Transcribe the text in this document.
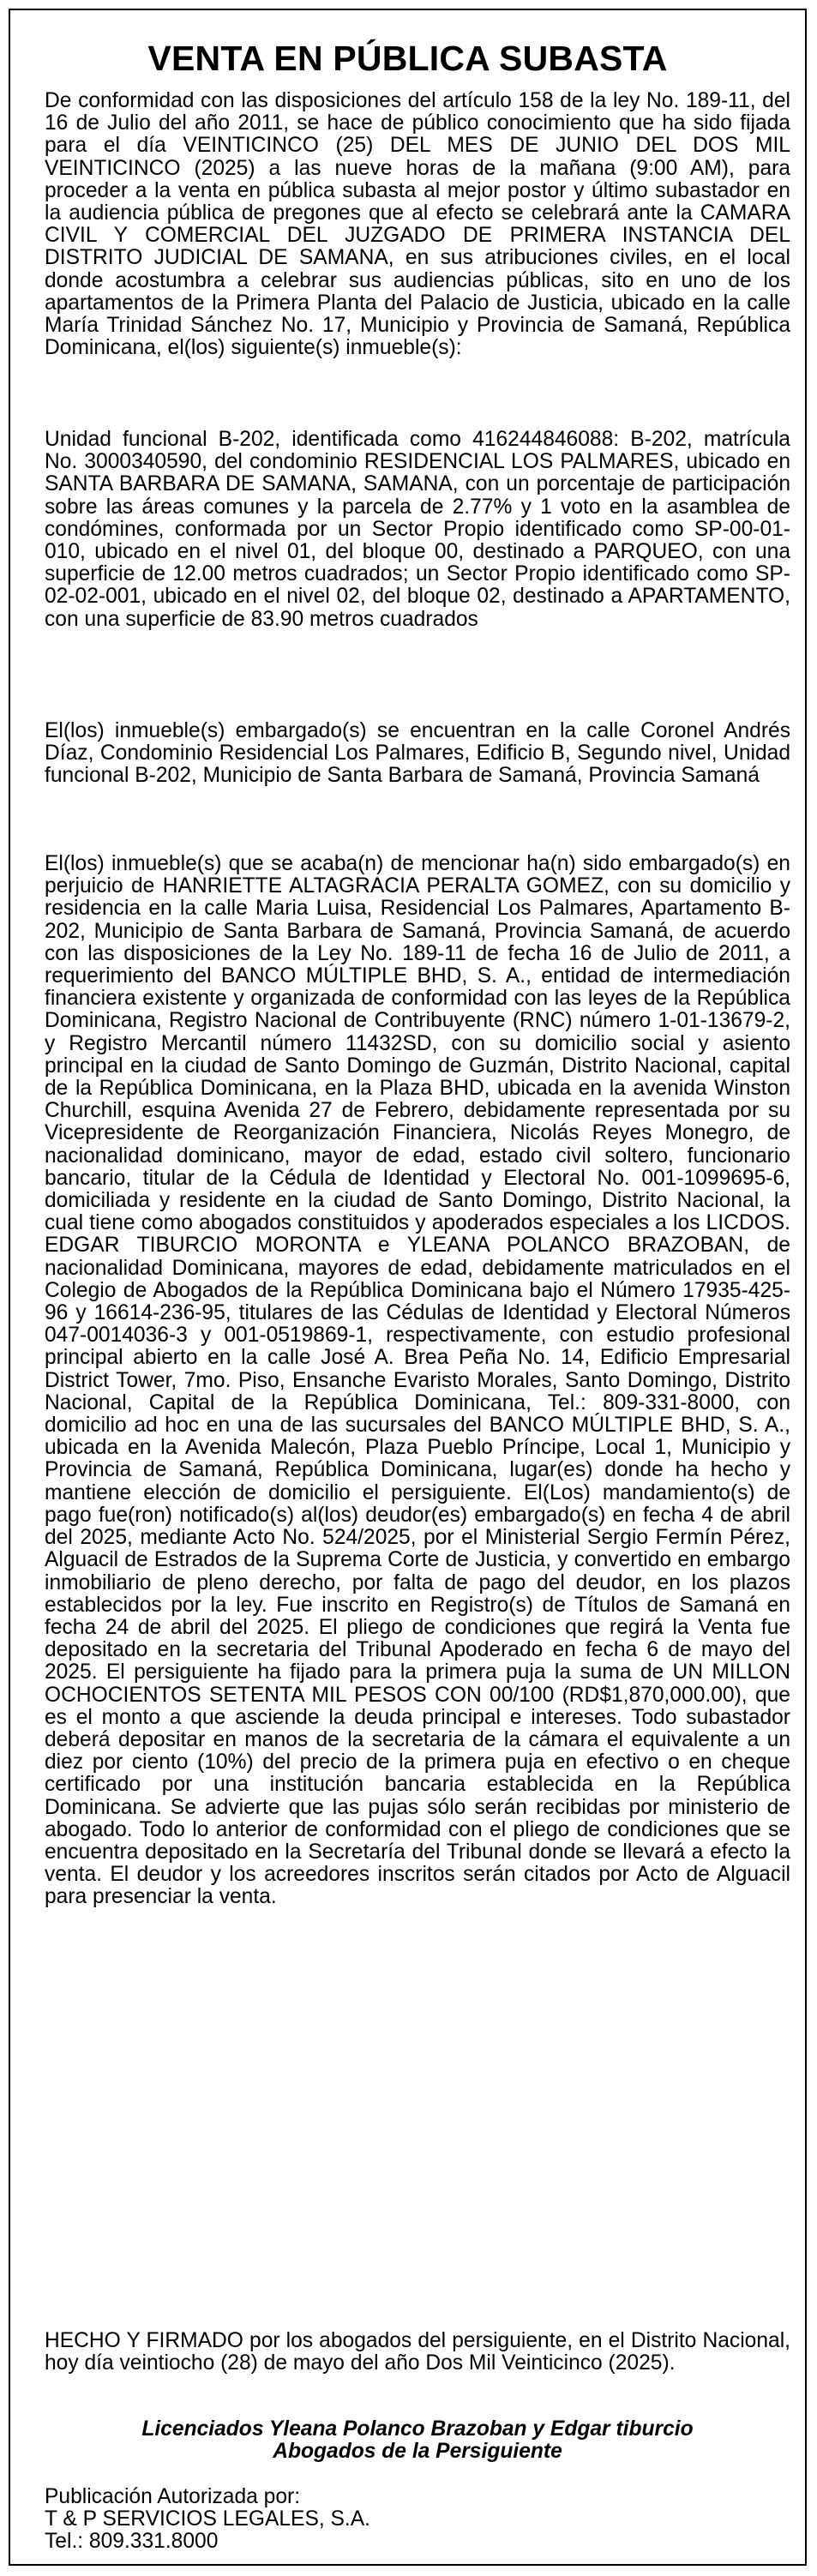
VENTA EN PÚBLICA SUBASTA

De conformidad con las disposiciones del artículo 158 de la ley No. 189-11, del 16 de Julio del año 2011, se hace de público conocimiento que ha sido fijada para el día VEINTICINCO (25) DEL MES DE JUNIO DEL DOS MIL VEINTICINCO (2025) a las nueve horas de la mañana (9:00 AM), para proceder a la venta en pública subasta al mejor postor y último subastador en la audiencia pública de pregones que al efecto se celebrará ante la CAMARA CIVIL Y COMERCIAL DEL JUZGADO DE PRIMERA INSTANCIA DEL DISTRITO JUDICIAL DE SAMANA, en sus atribuciones civiles, en el local donde acostumbra a celebrar sus audiencias públicas, sito en uno de los apartamentos de la Primera Planta del Palacio de Justicia, ubicado en la calle María Trinidad Sánchez No. 17, Municipio y Provincia de Samaná, República Dominicana, el(los) siguiente(s) inmueble(s):

Unidad funcional B-202, identificada como 416244846088: B-202, matrícula No. 3000340590, del condominio RESIDENCIAL LOS PALMARES, ubicado en SANTA BARBARA DE SAMANA, SAMANA, con un porcentaje de participación sobre las áreas comunes y la parcela de 2.77% y 1 voto en la asamblea de condómines, conformada por un Sector Propio identificado como SP-00-01-010, ubicado en el nivel 01, del bloque 00, destinado a PARQUEO, con una superficie de 12.00 metros cuadrados; un Sector Propio identificado como SP-02-02-001, ubicado en el nivel 02, del bloque 02, destinado a APARTAMENTO, con una superficie de 83.90 metros cuadrados

El(los) inmueble(s) embargado(s) se encuentran en la calle Coronel Andrés Díaz, Condominio Residencial Los Palmares, Edificio B, Segundo nivel, Unidad funcional B-202, Municipio de Santa Barbara de Samaná, Provincia Samaná

El(los) inmueble(s) que se acaba(n) de mencionar ha(n) sido embargado(s) en perjuicio de HANRIETTE ALTAGRACIA PERALTA GOMEZ, con su domicilio y residencia en la calle Maria Luisa, Residencial Los Palmares, Apartamento B-202, Municipio de Santa Barbara de Samaná, Provincia Samaná, de acuerdo con las disposiciones de la Ley No. 189-11 de fecha 16 de Julio de 2011, a requerimiento del BANCO MÚLTIPLE BHD, S. A., entidad de intermediación financiera existente y organizada de conformidad con las leyes de la República Dominicana, Registro Nacional de Contribuyente (RNC) número 1-01-13679-2, y Registro Mercantil número 11432SD, con su domicilio social y asiento principal en la ciudad de Santo Domingo de Guzmán, Distrito Nacional, capital de la República Dominicana, en la Plaza BHD, ubicada en la avenida Winston Churchill, esquina Avenida 27 de Febrero, debidamente representada por su Vicepresidente de Reorganización Financiera, Nicolás Reyes Monegro, de nacionalidad dominicano, mayor de edad, estado civil soltero, funcionario bancario, titular de la Cédula de Identidad y Electoral No. 001-1099695-6, domiciliada y residente en la ciudad de Santo Domingo, Distrito Nacional, la cual tiene como abogados constituidos y apoderados especiales a los LICDOS. EDGAR TIBURCIO MORONTA e YLEANA POLANCO BRAZOBAN, de nacionalidad Dominicana, mayores de edad, debidamente matriculados en el Colegio de Abogados de la República Dominicana bajo el Número 17935-425-96 y 16614-236-95, titulares de las Cédulas de Identidad y Electoral Números 047-0014036-3 y 001-0519869-1, respectivamente, con estudio profesional principal abierto en la calle José A. Brea Peña No. 14, Edificio Empresarial District Tower, 7mo. Piso, Ensanche Evaristo Morales, Santo Domingo, Distrito Nacional, Capital de la República Dominicana, Tel.: 809-331-8000, con domicilio ad hoc en una de las sucursales del BANCO MÚLTIPLE BHD, S. A., ubicada en la Avenida Malecón, Plaza Pueblo Príncipe, Local 1, Municipio y Provincia de Samaná, República Dominicana, lugar(es) donde ha hecho y mantiene elección de domicilio el persiguiente. El(Los) mandamiento(s) de pago fue(ron) notificado(s) al(los) deudor(es) embargado(s) en fecha 4 de abril del 2025, mediante Acto No. 524/2025, por el Ministerial Sergio Fermín Pérez, Alguacil de Estrados de la Suprema Corte de Justicia, y convertido en embargo inmobiliario de pleno derecho, por falta de pago del deudor, en los plazos establecidos por la ley. Fue inscrito en Registro(s) de Títulos de Samaná en fecha 24 de abril del 2025. El pliego de condiciones que regirá la Venta fue depositado en la secretaria del Tribunal Apoderado en fecha 6 de mayo del 2025. El persiguiente ha fijado para la primera puja la suma de UN MILLON OCHOCIENTOS SETENTA MIL PESOS CON 00/100 (RD$1,870,000.00), que es el monto a que asciende la deuda principal e intereses. Todo subastador deberá depositar en manos de la secretaria de la cámara el equivalente a un diez por ciento (10%) del precio de la primera puja en efectivo o en cheque certificado por una institución bancaria establecida en la República Dominicana. Se advierte que las pujas sólo serán recibidas por ministerio de abogado. Todo lo anterior de conformidad con el pliego de condiciones que se encuentra depositado en la Secretaría del Tribunal donde se llevará a efecto la venta. El deudor y los acreedores inscritos serán citados por Acto de Alguacil para presenciar la venta.

HECHO Y FIRMADO por los abogados del persiguiente, en el Distrito Nacional, hoy día veintiocho (28) de mayo del año Dos Mil Veinticinco (2025).

Licenciados Yleana Polanco Brazoban y Edgar tiburcio
Abogados de la Persiguiente
Publicación Autorizada por:
T & P SERVICIOS LEGALES, S.A.
Tel.: 809.331.8000
